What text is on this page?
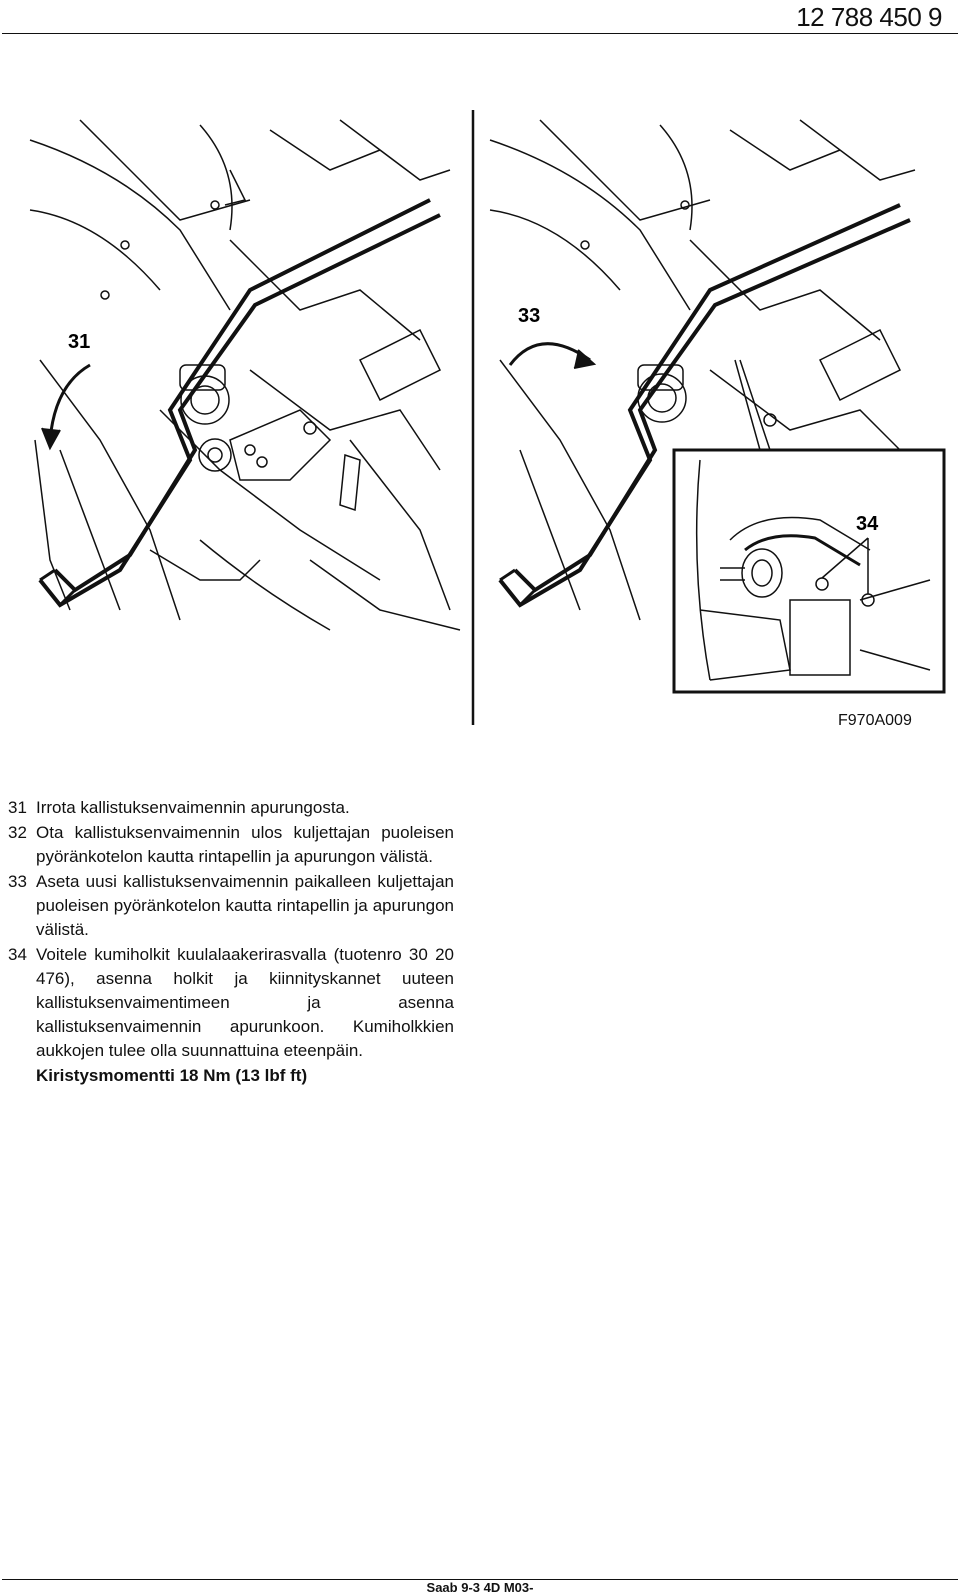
12 788 450 9
31
33
34
F970A009
31 Irrota kallistuksenvaimennin apurungosta.
32 Ota kallistuksenvaimennin ulos kuljettajan puoleisen pyöränkotelon kautta rintapellin ja apurungon välistä.
33 Aseta uusi kallistuksenvaimennin paikalleen kuljettajan puoleisen pyöränkotelon kautta rintapellin ja apurungon välistä.
34 Voitele kumiholkit kuulalaakerirasvalla (tuotenro 30 20 476), asenna holkit ja kiinnityskannet uuteen kallistuksenvaimentimeen ja asenna kallistuksenvaimennin apurunkoon. Kumiholkkien aukkojen tulee olla suunnattuina eteenpäin.
Kiristysmomentti 18 Nm (13 lbf ft)
Saab 9-3 4D M03-
